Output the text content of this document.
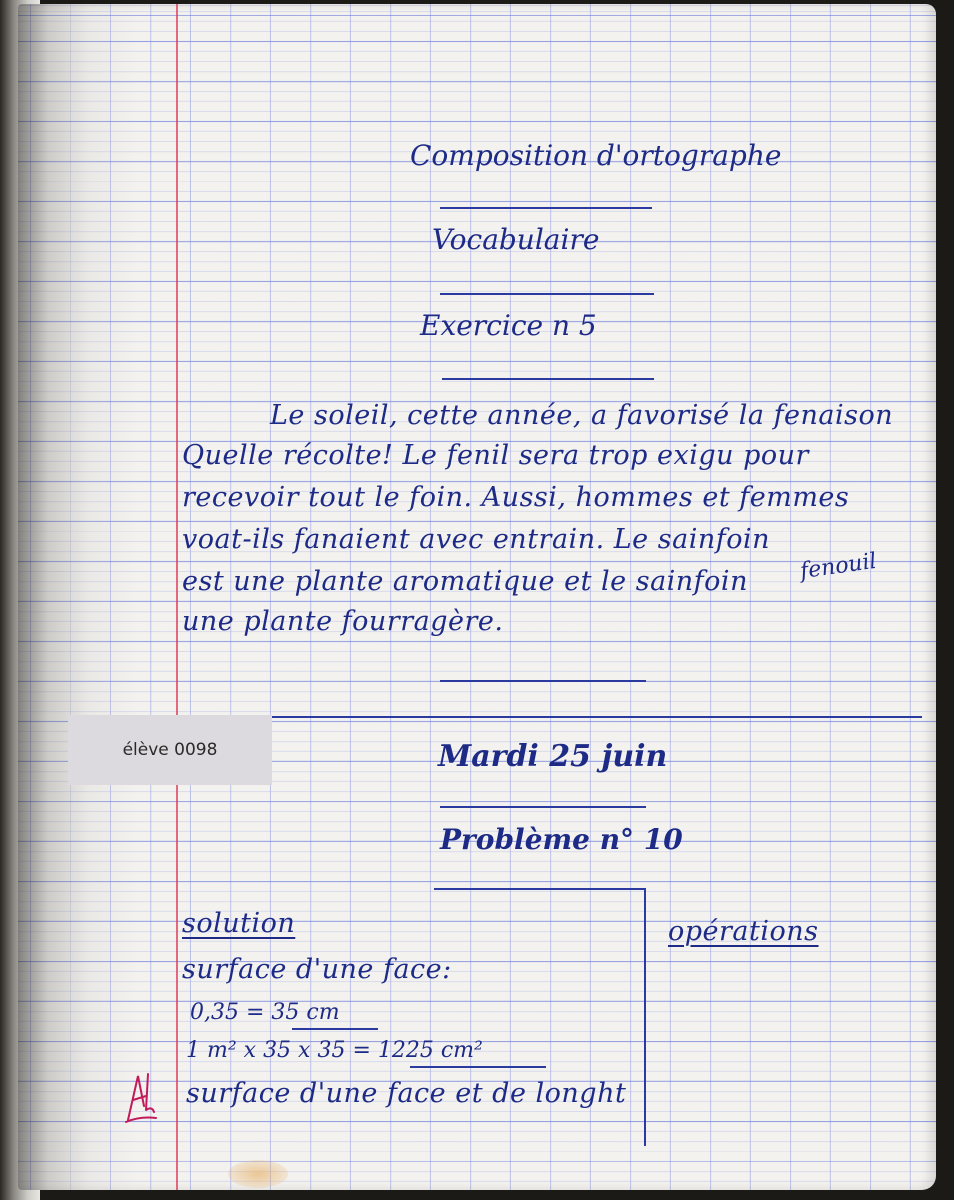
Composition d'ortographe
Vocabulaire
Exercice n 5
Le soleil, cette année, a favorisé la fenaison
Quelle récolte! Le fenil sera trop exigu pour
recevoir tout le foin. Aussi, hommes et femmes
voat-ils fanaient avec entrain. Le sainfoin
fenouil
est une plante aromatique et le sainfoin
une plante fourragère.
élève 0098	Mardi 25 juin
Problème n° 10
solution	opérations
surface d'une face:
0,35 = 35 cm
1 m² x 35 x 35 = 1225 cm²
surface d'une face et de longht
